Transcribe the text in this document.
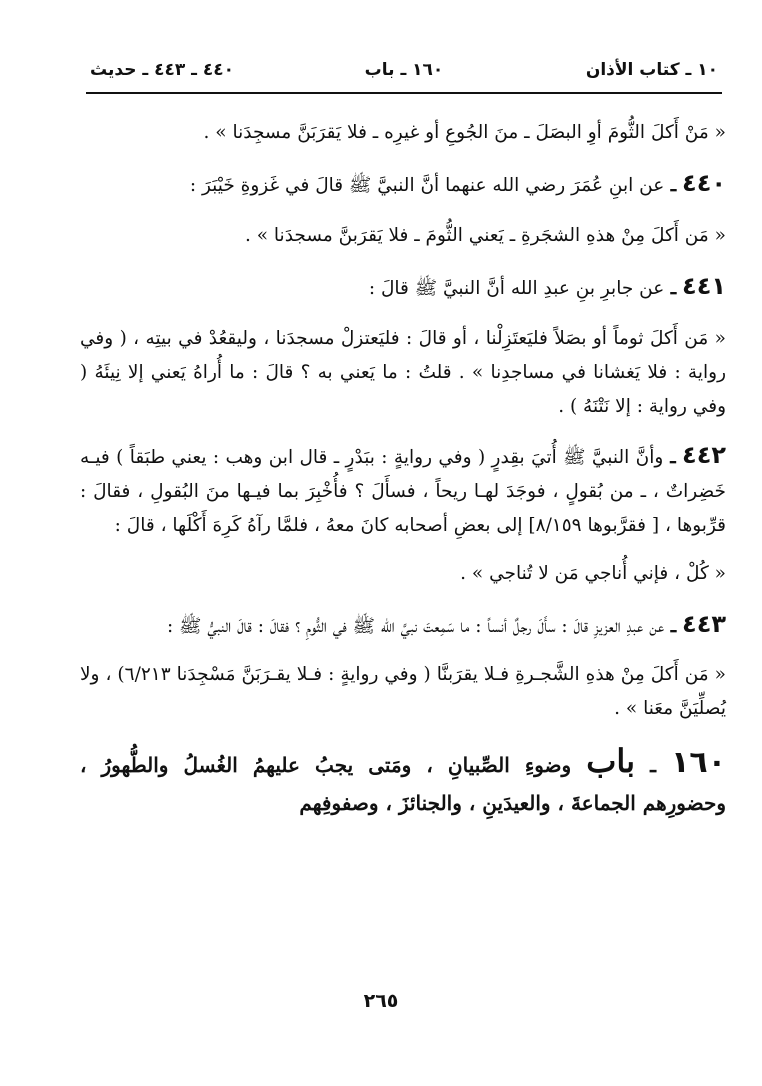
١٠ ـ كتاب الأذان
١٦٠ ـ باب
٤٤٠ ـ ٤٤٣ ـ حديث

« مَنْ أَكلَ الثُّومَ أوِ البصَلَ ـ منَ الجُوعِ أو غيرِه ـ فلا يَقرَبَنَّ مسجِدَنا » .

٤٤٠ ـ عن ابنِ عُمَرَ رضي الله عنهما أنَّ النبيَّ ﷺ قالَ في غَزوةِ خَيْبَرَ :

« مَن أَكلَ مِنْ هذهِ الشجَرةِ ـ يَعني الثُّومَ ـ فلا يَقرَبنَّ مسجدَنا » .

٤٤١ ـ عن جابرِ بنِ عبدِ الله أنَّ النبيَّ ﷺ قالَ :

« مَن أَكلَ ثوماً أو بصَلاً فليَعتَزِلْنا ، أو قالَ : فليَعتزلْ مسجدَنا ، وليقعُدْ في بيتِه ، ( وفي رواية : فلا يَغشانا في مساجدِنا » . قلتُ : ما يَعني به ؟ قالَ : ما أُراهُ يَعني إلا نِيئَهُ ( وفي رواية : إلا نَتْنَهُ ) .

٤٤٢ ـ وأنَّ النبيَّ ﷺ أُتيَ بقِدرٍ ( وفي روايةٍ : ببَدْرٍ ـ قال ابن وهب : يعني طبَقاً ) فيـه خَضِراتٌ ، ـ من بُقولٍ ، فوجَدَ لهـا ريحاً ، فسأَلَ ؟ فأُخْبِرَ بما فيـها منَ البُقولِ ، فقالَ : قرِّبوها ، [ فقرَّبوها ٨/١٥٩] إلى بعضِ أصحابه كانَ معهُ ، فلمَّا رآهُ كَرِهَ أَكْلَها ، قالَ :

« كُلْ ، فإني أُناجي مَن لا تُناجي » .

٤٤٣ ـ عن عبدِ العزيزِ قالَ : سأَلَ رجلٌ أنساً : ما سَمِعتَ نبيَّ الله ﷺ في الثُّومِ ؟ فقالَ : قالَ النبيُّ ﷺ :

« مَن أَكلَ مِنْ هذهِ الشَّجـرةِ فـلا يقرَبنَّا ( وفي روايةٍ : فـلا يقـرَبَنَّ مَسْجِدَنا ٦/٢١٣) ، ولا يُصلِّيَنَّ معَنا » .

١٦٠ ـ باب وضوءِ الصِّبيانِ ، ومَتى يجبُ عليهمُ الغُسلُ والطُّهورُ ، وحضورِهم الجماعةَ ، والعيدَينِ ، والجنائزَ ، وصفوفِهم

٢٦٥
